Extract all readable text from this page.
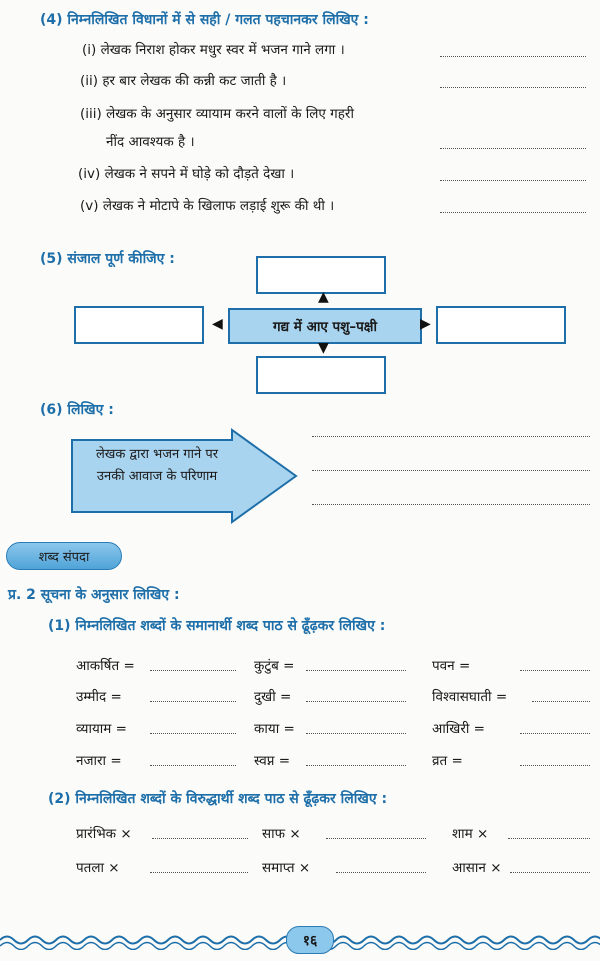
(4) निम्नलिखित विधानों में से सही / गलत पहचानकर लिखिए :
(i) लेखक निराश होकर मधुर स्वर में भजन गाने लगा ।
(ii) हर बार लेखक की कन्नी कट जाती है ।
(iii) लेखक के अनुसार व्यायाम करने वालों के लिए गहरी
नींद आवश्यक है ।
(iv) लेखक ने सपने में घोड़े को दौड़ते देखा ।
(v) लेखक ने मोटापे के खिलाफ लड़ाई शुरू की थी ।
(5) संजाल पूर्ण कीजिए :
गद्य में आए पशु–पक्षी
▲
▼
◀	▶
(6) लिखिए :
लेखक द्वारा भजन गाने पर उनकी आवाज के परिणाम
शब्द संपदा
प्र. 2 सूचना के अनुसार लिखिए :
(1) निम्नलिखित शब्दों के समानार्थी शब्द पाठ से ढूँढ़कर लिखिए :
आकर्षित =	कुटुंब =	पवन =
उम्मीद =	दुखी =	विश्वासघाती =
व्यायाम =	काया =	आखिरी =
नजारा =	स्वप्न =	व्रत =
(2) निम्नलिखित शब्दों के विरुद्धार्थी शब्द पाठ से ढूँढ़कर लिखिए :
प्रारंभिक ×	साफ ×	शाम ×
पतला ×	समाप्त ×	आसान ×
१६
